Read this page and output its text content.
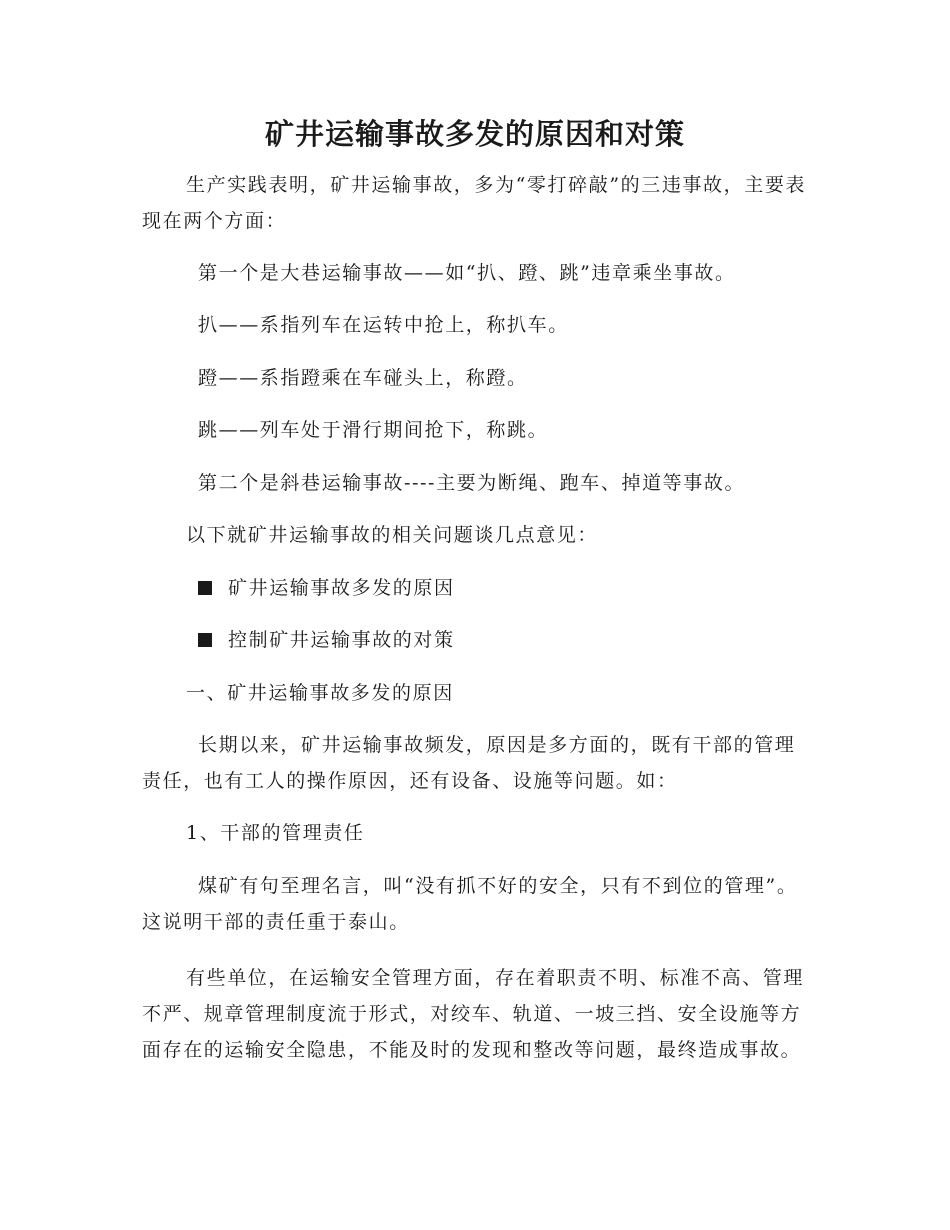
矿井运输事故多发的原因和对策

生产实践表明，矿井运输事故，多为“零打碎敲”的三违事故，主要表现在两个方面：

第一个是大巷运输事故——如“扒、蹬、跳”违章乘坐事故。

扒——系指列车在运转中抢上，称扒车。

蹬——系指蹬乘在车碰头上，称蹬。

跳——列车处于滑行期间抢下，称跳。

第二个是斜巷运输事故----主要为断绳、跑车、掉道等事故。

以下就矿井运输事故的相关问题谈几点意见：

矿井运输事故多发的原因
控制矿井运输事故的对策

一、矿井运输事故多发的原因

长期以来，矿井运输事故频发，原因是多方面的，既有干部的管理责任，也有工人的操作原因，还有设备、设施等问题。如：

1、干部的管理责任

煤矿有句至理名言，叫“没有抓不好的安全，只有不到位的管理”。这说明干部的责任重于泰山。

有些单位，在运输安全管理方面，存在着职责不明、标准不高、管理不严、规章管理制度流于形式，对绞车、轨道、一坡三挡、安全设施等方面存在的运输安全隐患，不能及时的发现和整改等问题，最终造成事故。
